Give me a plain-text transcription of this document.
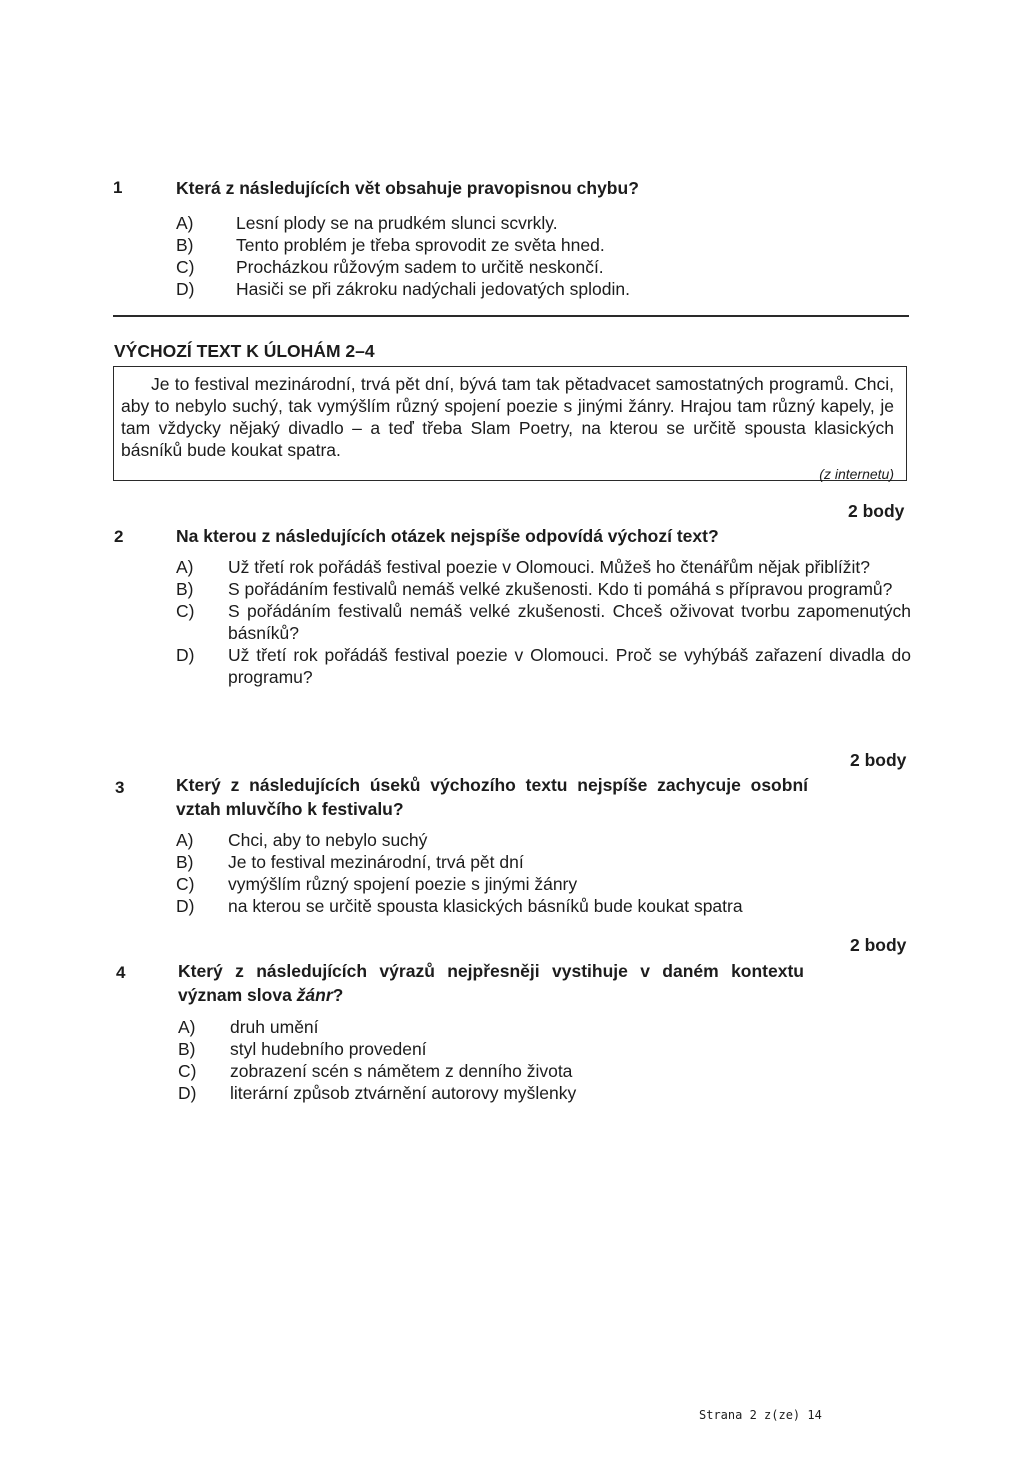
1	Která z následujících vět obsahuje pravopisnou chybu?
A) Lesní plody se na prudkém slunci scvrkly.
B) Tento problém je třeba sprovodit ze světa hned.
C) Procházkou růžovým sadem to určitě neskončí.
D) Hasiči se při zákroku nadýchali jedovatých splodin.
VÝCHOZÍ TEXT K ÚLOHÁM 2–4
Je to festival mezinárodní, trvá pět dní, bývá tam tak pětadvacet samostatných programů. Chci, aby to nebylo suchý, tak vymýšlím různý spojení poezie s jinými žánry. Hrajou tam různý kapely, je tam vždycky nějaký divadlo – a teď třeba Slam Poetry, na kterou se určitě spousta klasických básníků bude koukat spatra.
(z internetu)
2 body
2	Na kterou z následujících otázek nejspíše odpovídá výchozí text?
A) Už třetí rok pořádáš festival poezie v Olomouci. Můžeš ho čtenářům nějak přiblížit?
B) S pořádáním festivalů nemáš velké zkušenosti. Kdo ti pomáhá s přípravou programů?
C) S pořádáním festivalů nemáš velké zkušenosti. Chceš oživovat tvorbu zapomenutých básníků?
D) Už třetí rok pořádáš festival poezie v Olomouci. Proč se vyhýbáš zařazení divadla do programu?
2 body
3	Který z následujících úseků výchozího textu nejspíše zachycuje osobní vztah mluvčího k festivalu?
A) Chci, aby to nebylo suchý
B) Je to festival mezinárodní, trvá pět dní
C) vymýšlím různý spojení poezie s jinými žánry
D) na kterou se určitě spousta klasických básníků bude koukat spatra
2 body
4	Který z následujících výrazů nejpřesněji vystihuje v daném kontextu význam slova žánr?
A) druh umění
B) styl hudebního provedení
C) zobrazení scén s námětem z denního života
D) literární způsob ztvárnění autorovy myšlenky
Strana 2 z(ze) 14
